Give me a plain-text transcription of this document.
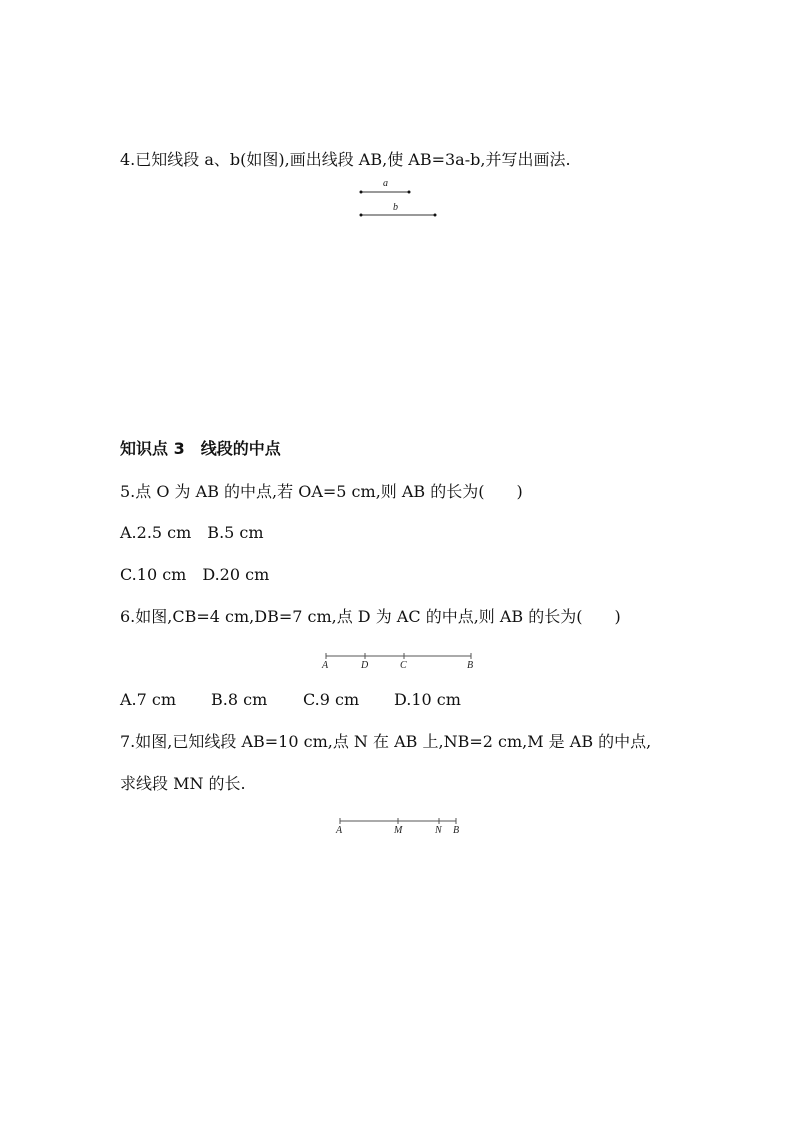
4.已知线段 a、b(如图),画出线段 AB,使 AB=3a-b,并写出画法.
a
b
知识点 3　线段的中点
5.点 O 为 AB 的中点,若 OA=5 cm,则 AB 的长为(　　)
A.2.5 cm　B.5 cm
C.10 cm　D.20 cm
6.如图,CB=4 cm,DB=7 cm,点 D 为 AC 的中点,则 AB 的长为(　　)
A	D	C	B
A.7 cm B.8 cm C.9 cm D.10 cm
7.如图,已知线段 AB=10 cm,点 N 在 AB 上,NB=2 cm,M 是 AB 的中点,
求线段 MN 的长.
A	M	N B
